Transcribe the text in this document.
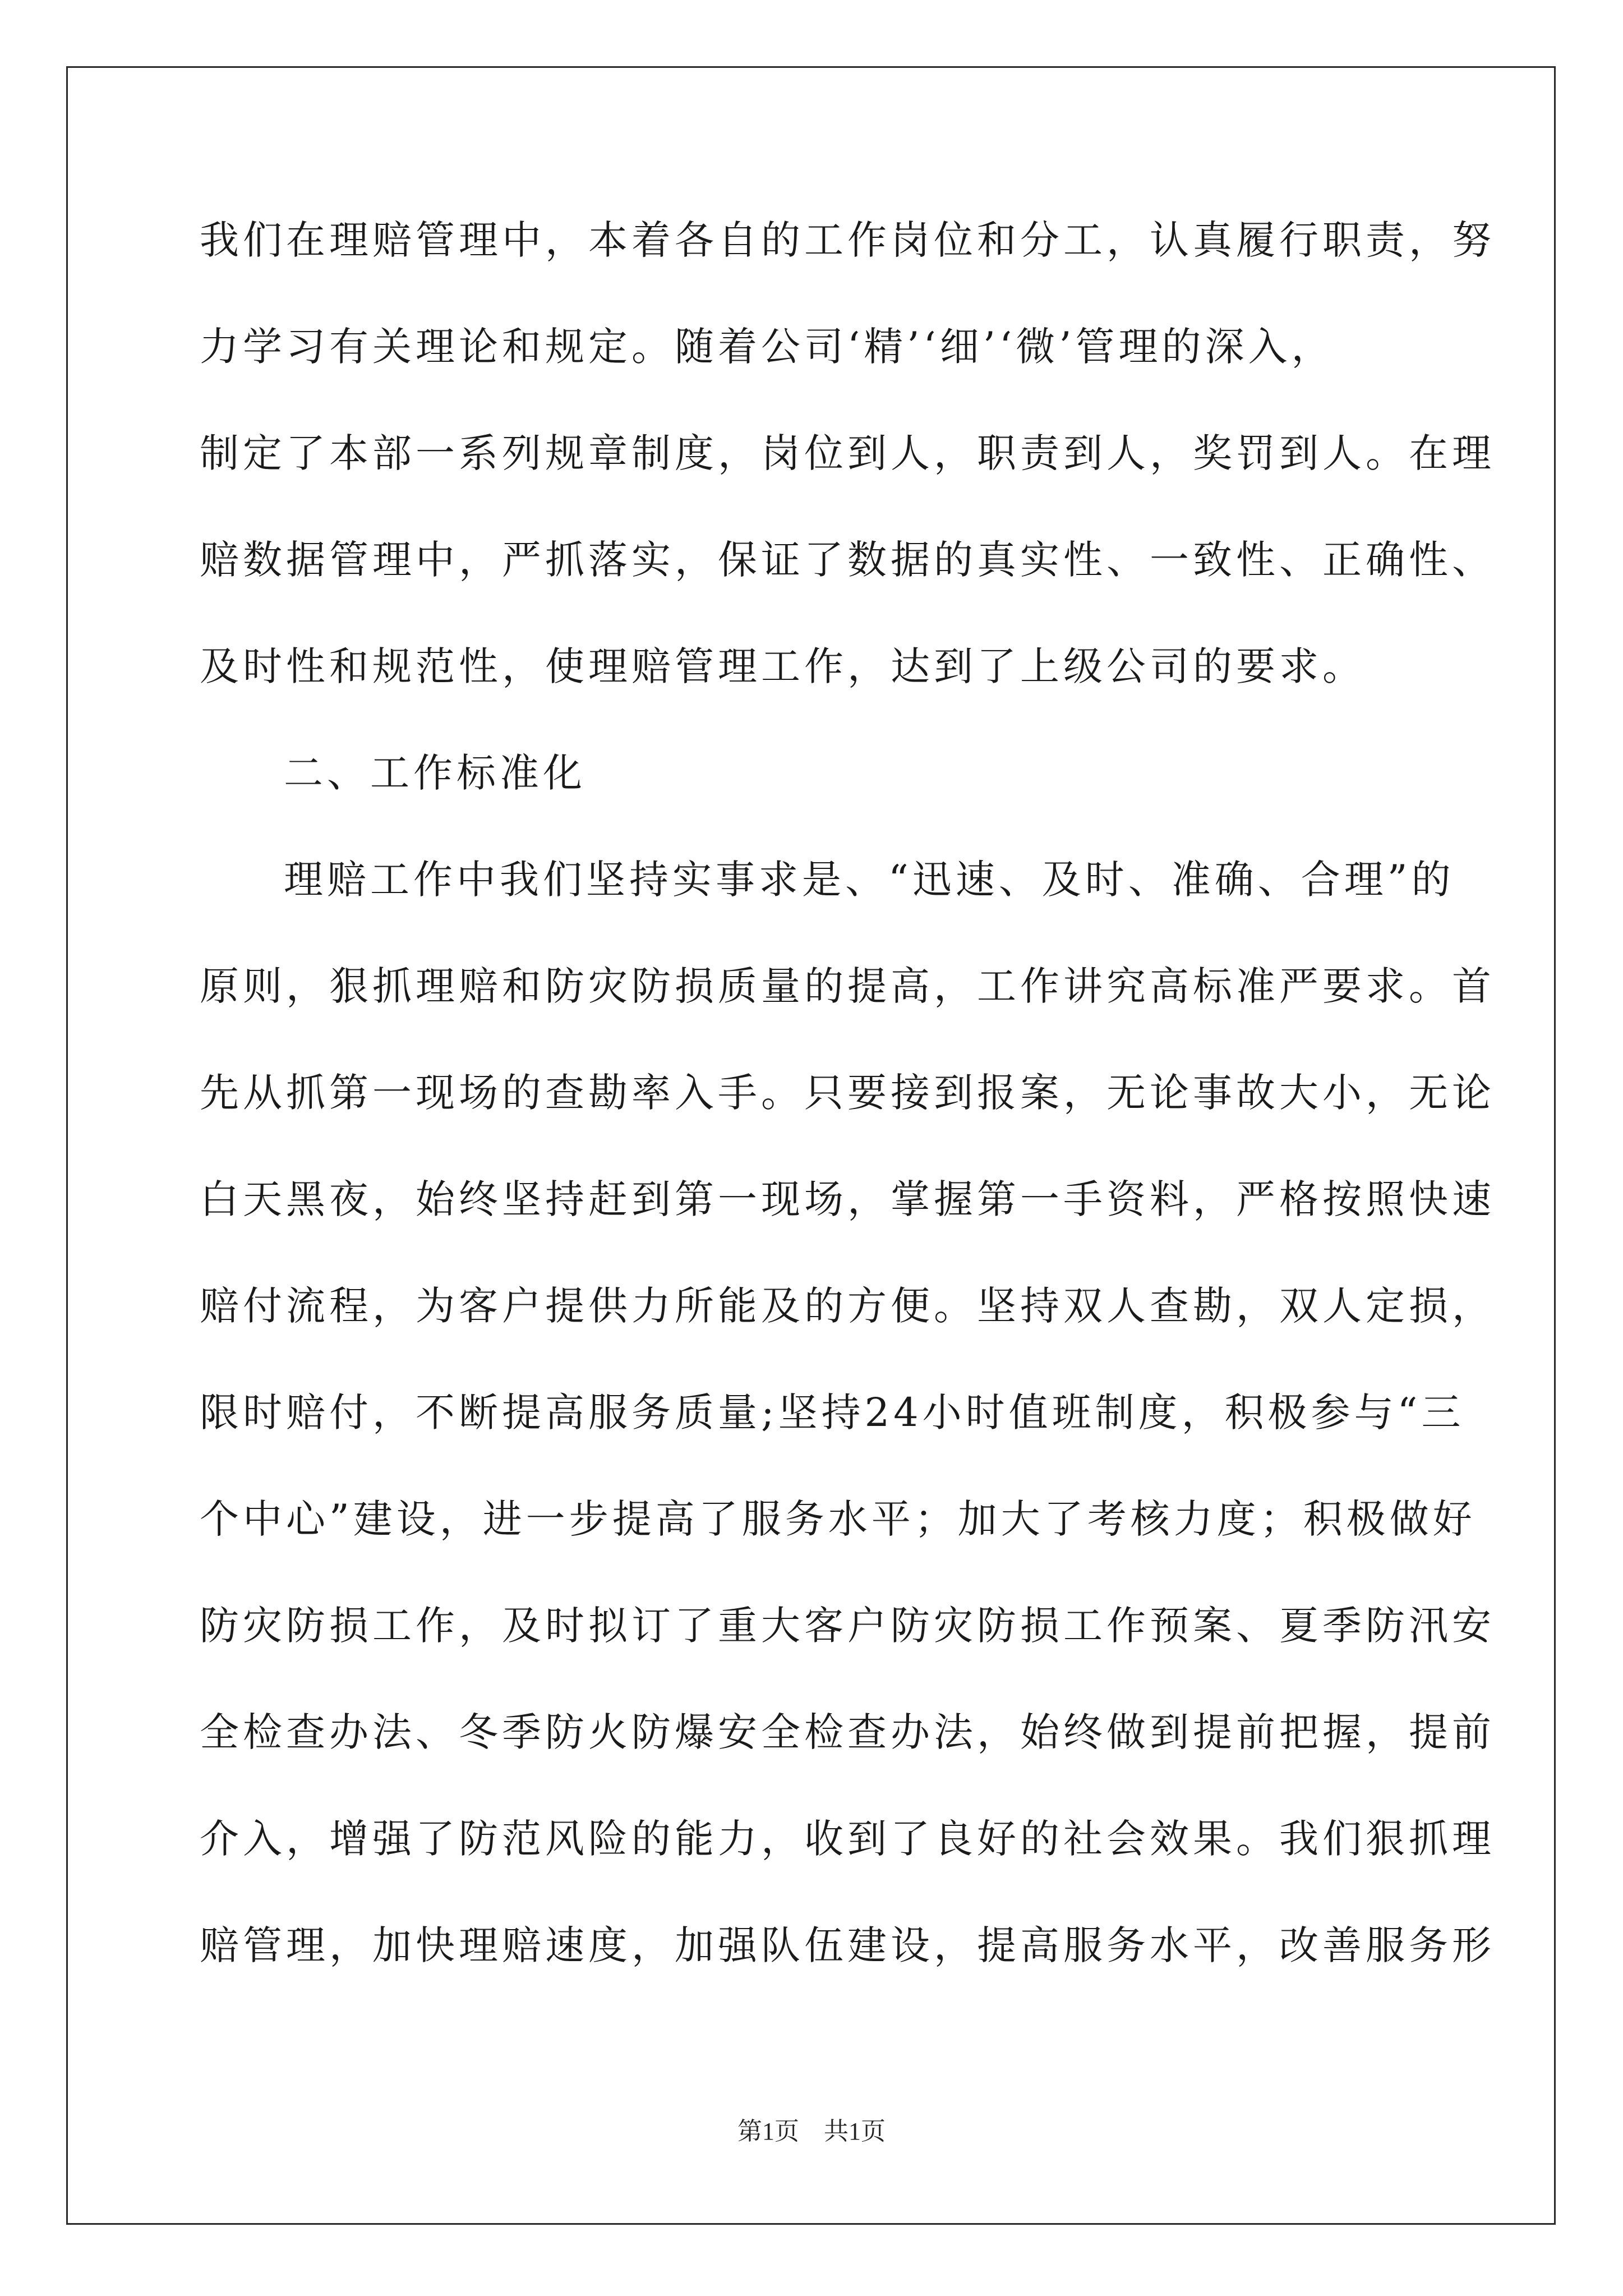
我们在理赔管理中，本着各自的工作岗位和分工，认真履行职责，努
力学习有关理论和规定。随着公司‘精’‘细’‘微’管理的深入，
制定了本部一系列规章制度，岗位到人，职责到人，奖罚到人。在理
赔数据管理中，严抓落实，保证了数据的真实性、一致性、正确性、
及时性和规范性，使理赔管理工作，达到了上级公司的要求。
二、工作标准化
理赔工作中我们坚持实事求是、“迅速、及时、准确、合理”的
原则，狠抓理赔和防灾防损质量的提高，工作讲究高标准严要求。首
先从抓第一现场的查勘率入手。只要接到报案，无论事故大小，无论
白天黑夜，始终坚持赶到第一现场，掌握第一手资料，严格按照快速
赔付流程，为客户提供力所能及的方便。坚持双人查勘，双人定损，
限时赔付，不断提高服务质量;坚持24小时值班制度，积极参与“三
个中心”建设，进一步提高了服务水平；加大了考核力度；积极做好
防灾防损工作，及时拟订了重大客户防灾防损工作预案、夏季防汛安
全检查办法、冬季防火防爆安全检查办法，始终做到提前把握，提前
介入，增强了防范风险的能力，收到了良好的社会效果。我们狠抓理
赔管理，加快理赔速度，加强队伍建设，提高服务水平，改善服务形
第1页　共1页
